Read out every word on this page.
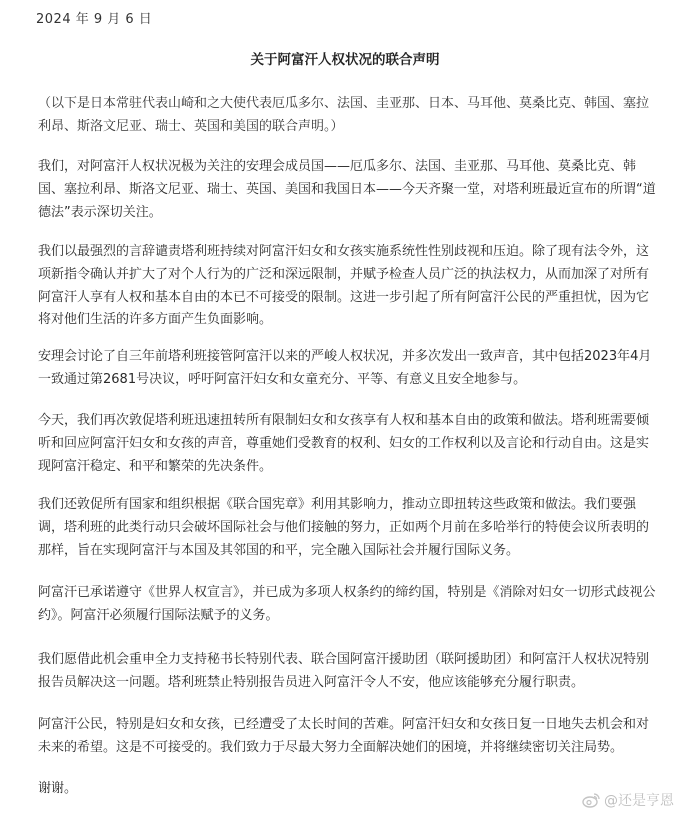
2024 年 9 月 6 日
关于阿富汗人权状况的联合声明
（以下是日本常驻代表山崎和之大使代表厄瓜多尔、法国、圭亚那、日本、马耳他、莫桑比克、韩国、塞拉利昂、斯洛文尼亚、瑞士、英国和美国的联合声明。）

我们，对阿富汗人权状况极为关注的安理会成员国——厄瓜多尔、法国、圭亚那、马耳他、莫桑比克、韩国、塞拉利昂、斯洛文尼亚、瑞士、英国、美国和我国日本——今天齐聚一堂，对塔利班最近宣布的所谓“道德法”表示深切关注。

我们以最强烈的言辞谴责塔利班持续对阿富汗妇女和女孩实施系统性性别歧视和压迫。除了现有法令外，这项新指令确认并扩大了对个人行为的广泛和深远限制，并赋予检查人员广泛的执法权力，从而加深了对所有阿富汗人享有人权和基本自由的本已不可接受的限制。这进一步引起了所有阿富汗公民的严重担忧，因为它将对他们生活的许多方面产生负面影响。

安理会讨论了自三年前塔利班接管阿富汗以来的严峻人权状况，并多次发出一致声音，其中包括2023年4月一致通过第2681号决议，呼吁阿富汗妇女和女童充分、平等、有意义且安全地参与。

今天，我们再次敦促塔利班迅速扭转所有限制妇女和女孩享有人权和基本自由的政策和做法。塔利班需要倾听和回应阿富汗妇女和女孩的声音，尊重她们受教育的权利、妇女的工作权利以及言论和行动自由。这是实现阿富汗稳定、和平和繁荣的先决条件。

我们还敦促所有国家和组织根据《联合国宪章》利用其影响力，推动立即扭转这些政策和做法。我们要强调，塔利班的此类行动只会破坏国际社会与他们接触的努力，正如两个月前在多哈举行的特使会议所表明的那样，旨在实现阿富汗与本国及其邻国的和平，完全融入国际社会并履行国际义务。

阿富汗已承诺遵守《世界人权宣言》，并已成为多项人权条约的缔约国，特别是《消除对妇女一切形式歧视公约》。阿富汗必须履行国际法赋予的义务。

我们愿借此机会重申全力支持秘书长特别代表、联合国阿富汗援助团（联阿援助团）和阿富汗人权状况特别报告员解决这一问题。塔利班禁止特别报告员进入阿富汗令人不安，他应该能够充分履行职责。

阿富汗公民，特别是妇女和女孩，已经遭受了太长时间的苦难。阿富汗妇女和女孩日复一日地失去机会和对未来的希望。这是不可接受的。我们致力于尽最大努力全面解决她们的困境，并将继续密切关注局势。

谢谢。

@还是亨恩
